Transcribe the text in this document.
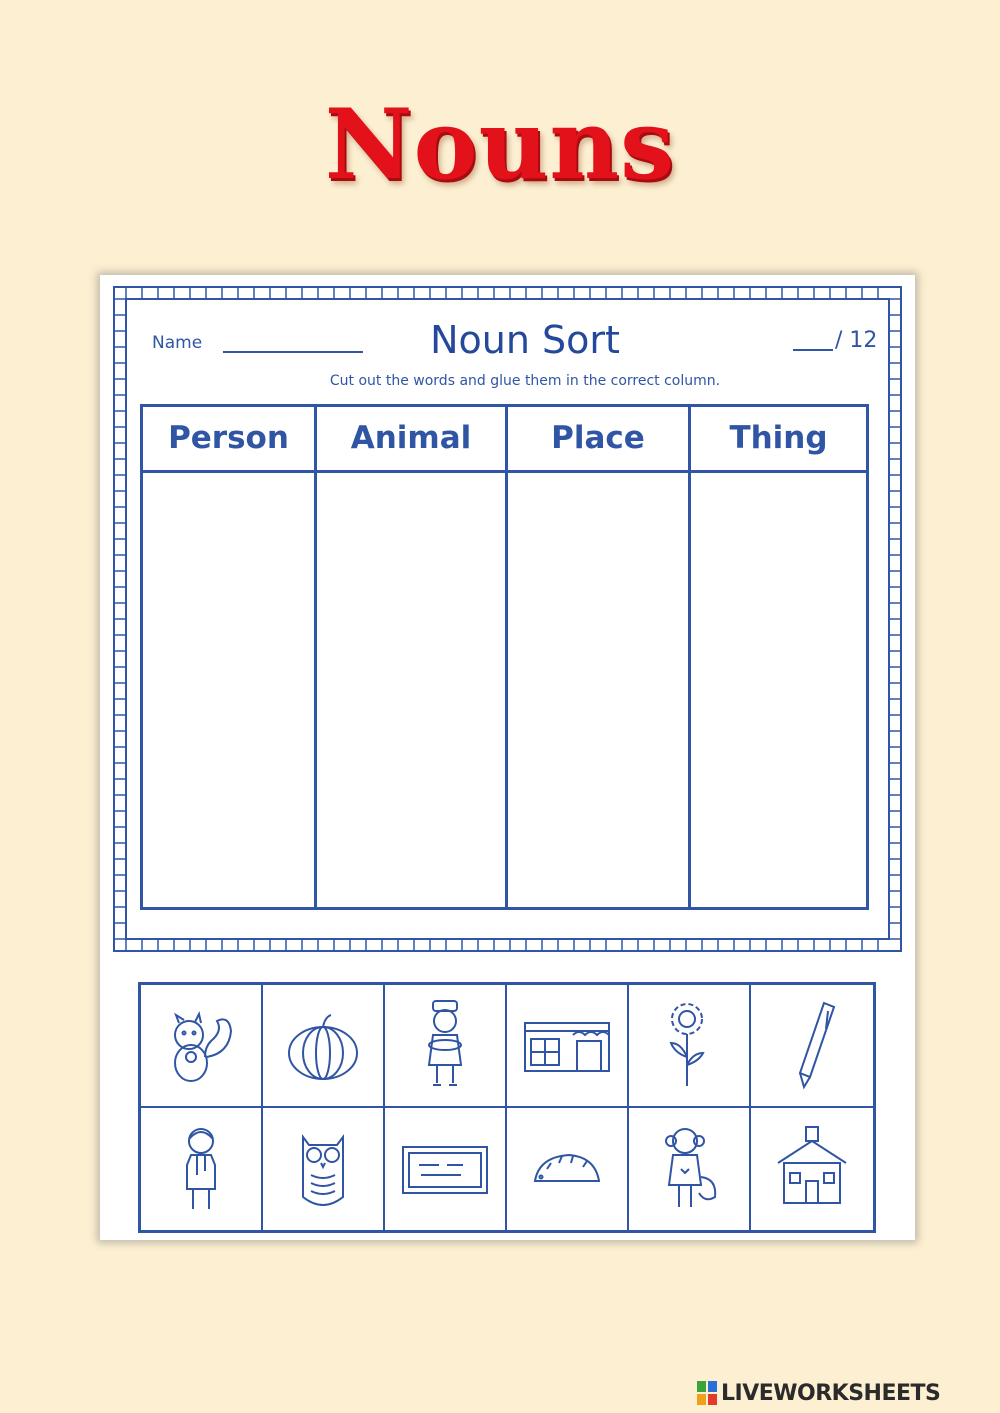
Nouns
Name	Noun Sort	/ 12
Cut out the words and glue them in the correct column.
Person	Animal	Place	Thing
LIVEWORKSHEETS
